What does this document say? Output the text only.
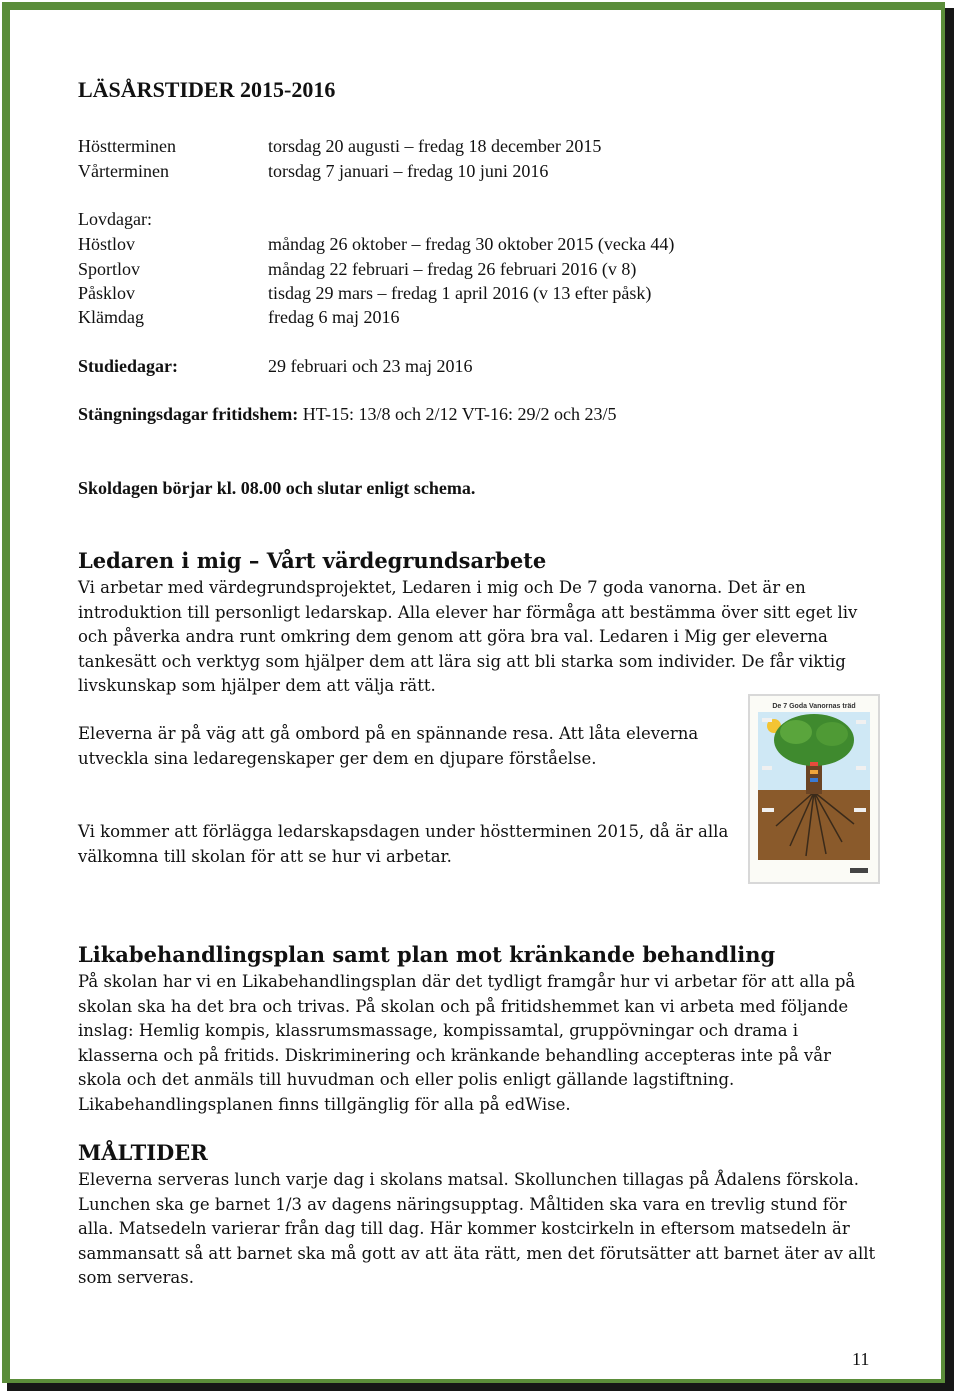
LÄSÅRSTIDER 2015-2016
Höstterminen	torsdag 20 augusti – fredag 18 december 2015
Vårterminen	torsdag 7 januari – fredag 10 juni 2016
Lovdagar:
Höstlov	måndag 26 oktober – fredag 30 oktober 2015 (vecka 44)
Sportlov	måndag 22 februari – fredag 26 februari 2016 (v 8)
Påsklov	tisdag 29 mars – fredag 1 april 2016 (v 13 efter påsk)
Klämdag	fredag 6 maj 2016
Studiedagar:	29 februari och 23 maj 2016
Stängningsdagar fritidshem: HT-15: 13/8 och 2/12 VT-16: 29/2 och 23/5
Skoldagen börjar kl. 08.00 och slutar enligt schema.
Ledaren i mig – Vårt värdegrundsarbete
Vi arbetar med värdegrundsprojektet, Ledaren i mig och De 7 goda vanorna. Det är en
introduktion till personligt ledarskap. Alla elever har förmåga att bestämma över sitt eget liv
och påverka andra runt omkring dem genom att göra bra val. Ledaren i Mig ger eleverna
tankesätt och verktyg som hjälper dem att lära sig att bli starka som individer. De får viktig
livskunskap som hjälper dem att välja rätt.
Eleverna är på väg att gå ombord på en spännande resa. Att låta eleverna
utveckla sina ledaregenskaper ger dem en djupare förståelse.
Vi kommer att förlägga ledarskapsdagen under höstterminen 2015, då är alla
välkomna till skolan för att se hur vi arbetar.
Likabehandlingsplan samt plan mot kränkande behandling
På skolan har vi en Likabehandlingsplan där det tydligt framgår hur vi arbetar för att alla på
skolan ska ha det bra och trivas. På skolan och på fritidshemmet kan vi arbeta med följande
inslag: Hemlig kompis, klassrumsmassage, kompissamtal, gruppövningar och drama i
klasserna och på fritids. Diskriminering och kränkande behandling accepteras inte på vår
skola och det anmäls till huvudman och eller polis enligt gällande lagstiftning.
Likabehandlingsplanen finns tillgänglig för alla på edWise.
MÅLTIDER
Eleverna serveras lunch varje dag i skolans matsal. Skollunchen tillagas på Ådalens förskola.
Lunchen ska ge barnet 1/3 av dagens näringsupptag. Måltiden ska vara en trevlig stund för
alla. Matsedeln varierar från dag till dag. Här kommer kostcirkeln in eftersom matsedeln är
sammansatt så att barnet ska må gott av att äta rätt, men det förutsätter att barnet äter av allt
som serveras.
De 7 Goda Vanornas träd
11
